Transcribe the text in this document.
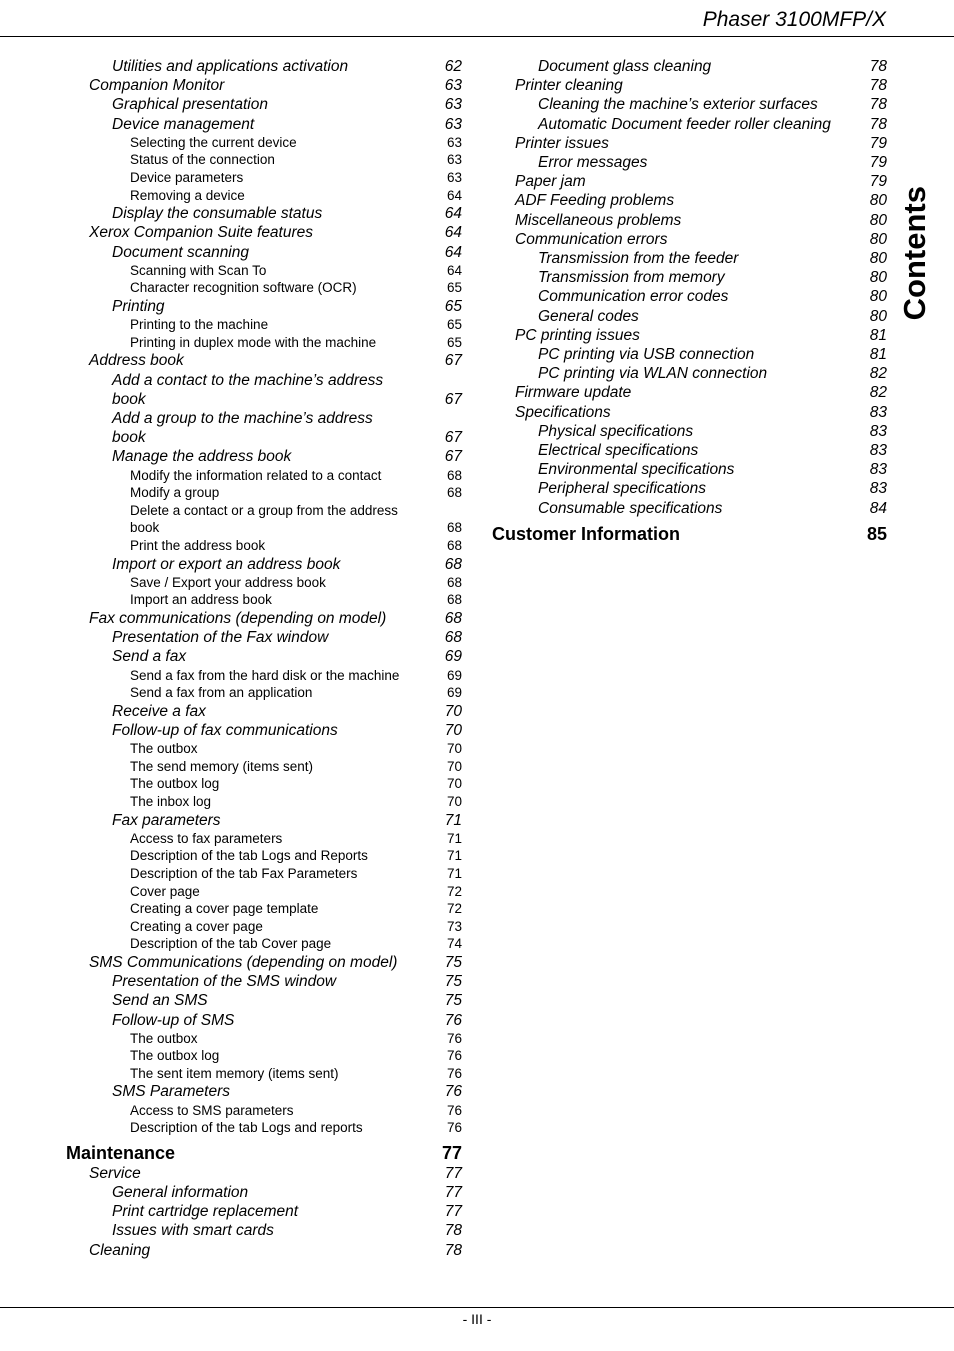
Phaser 3100MFP/X
Contents
Utilities and applications activation	62
Companion Monitor	63
Graphical presentation	63
Device management	63
Selecting the current device	63
Status of the connection	63
Device parameters	63
Removing a device	64
Display the consumable status	64
Xerox Companion Suite features	64
Document scanning	64
Scanning with Scan To	64
Character recognition software (OCR)	65
Printing	65
Printing to the machine	65
Printing in duplex mode with the machine	65
Address book	67
Add a contact to the machine’s address book	67
Add a group to the machine’s address book	67
Manage the address book	67
Modify the information related to a contact	68
Modify a group	68
Delete a contact or a group from the address book	68
Print the address book	68
Import or export an address book	68
Save / Export your address book	68
Import an address book	68
Fax communications (depending on model)	68
Presentation of the Fax window	68
Send a fax	69
Send a fax from the hard disk or the machine	69
Send a fax from an application	69
Receive a fax	70
Follow-up of fax communications	70
The outbox	70
The send memory (items sent)	70
The outbox log	70
The inbox log	70
Fax parameters	71
Access to fax parameters	71
Description of the tab Logs and Reports	71
Description of the tab Fax Parameters	71
Cover page	72
Creating a cover page template	72
Creating a cover page	73
Description of the tab Cover page	74
SMS Communications (depending on model)	75
Presentation of the SMS window	75
Send an SMS	75
Follow-up of SMS	76
The outbox	76
The outbox log	76
The sent item memory (items sent)	76
SMS Parameters	76
Access to SMS parameters	76
Description of the tab Logs and reports	76
Maintenance	77
Service	77
General information	77
Print cartridge replacement	77
Issues with smart cards	78
Cleaning	78
Document glass cleaning	78
Printer cleaning	78
Cleaning the machine’s exterior surfaces	78
Automatic Document feeder roller cleaning	78
Printer issues	79
Error messages	79
Paper jam	79
ADF Feeding problems	80
Miscellaneous problems	80
Communication errors	80
Transmission from the feeder	80
Transmission from memory	80
Communication error codes	80
General codes	80
PC printing issues	81
PC printing via USB connection	81
PC printing via WLAN connection	82
Firmware update	82
Specifications	83
Physical specifications	83
Electrical specifications	83
Environmental specifications	83
Peripheral specifications	83
Consumable specifications	84
Customer Information	85
- III -
